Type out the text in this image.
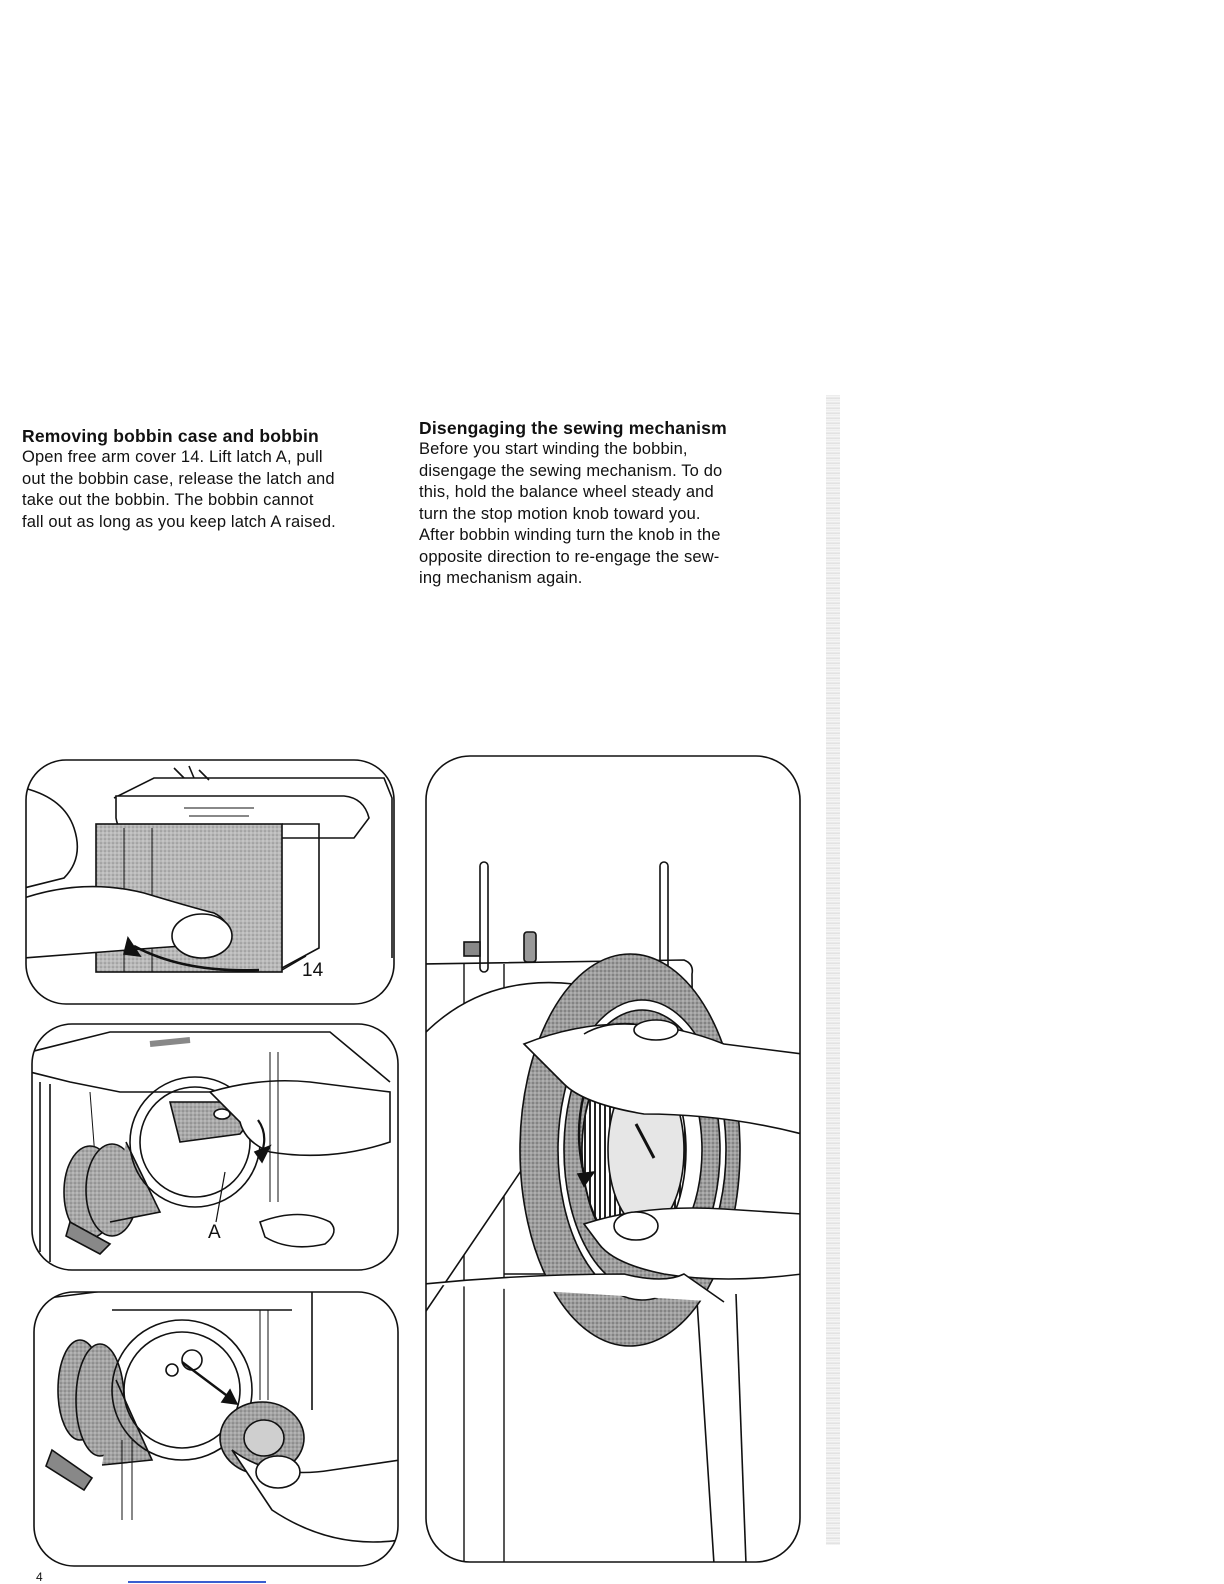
Removing bobbin case and bobbin

Open free arm cover 14. Lift latch A, pull
out the bobbin case, release the latch and
take out the bobbin. The bobbin cannot
fall out as long as you keep latch A raised.

Disengaging the sewing mechanism

Before you start winding the bobbin,
disengage the sewing mechanism. To do
this, hold the balance wheel steady and
turn the stop motion knob toward you.
After bobbin winding turn the knob in the
opposite direction to re-engage the sew-
ing mechanism again.

14
A
4
